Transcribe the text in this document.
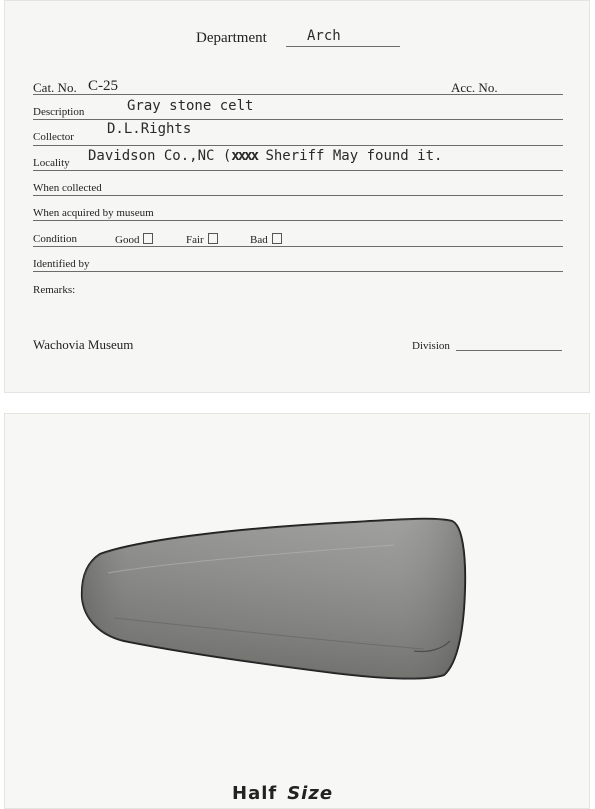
Department	Arch
Cat. No. C-25	Acc. No.
Description	Gray stone celt
Collector D.L.Rights
Locality Davidson Co.,NC (xxxx Sheriff May found it.
When collected
When acquired by museum
Condition	Good	Fair	Bad
Identified by
Remarks:
Wachovia Museum	Division
Half Size
